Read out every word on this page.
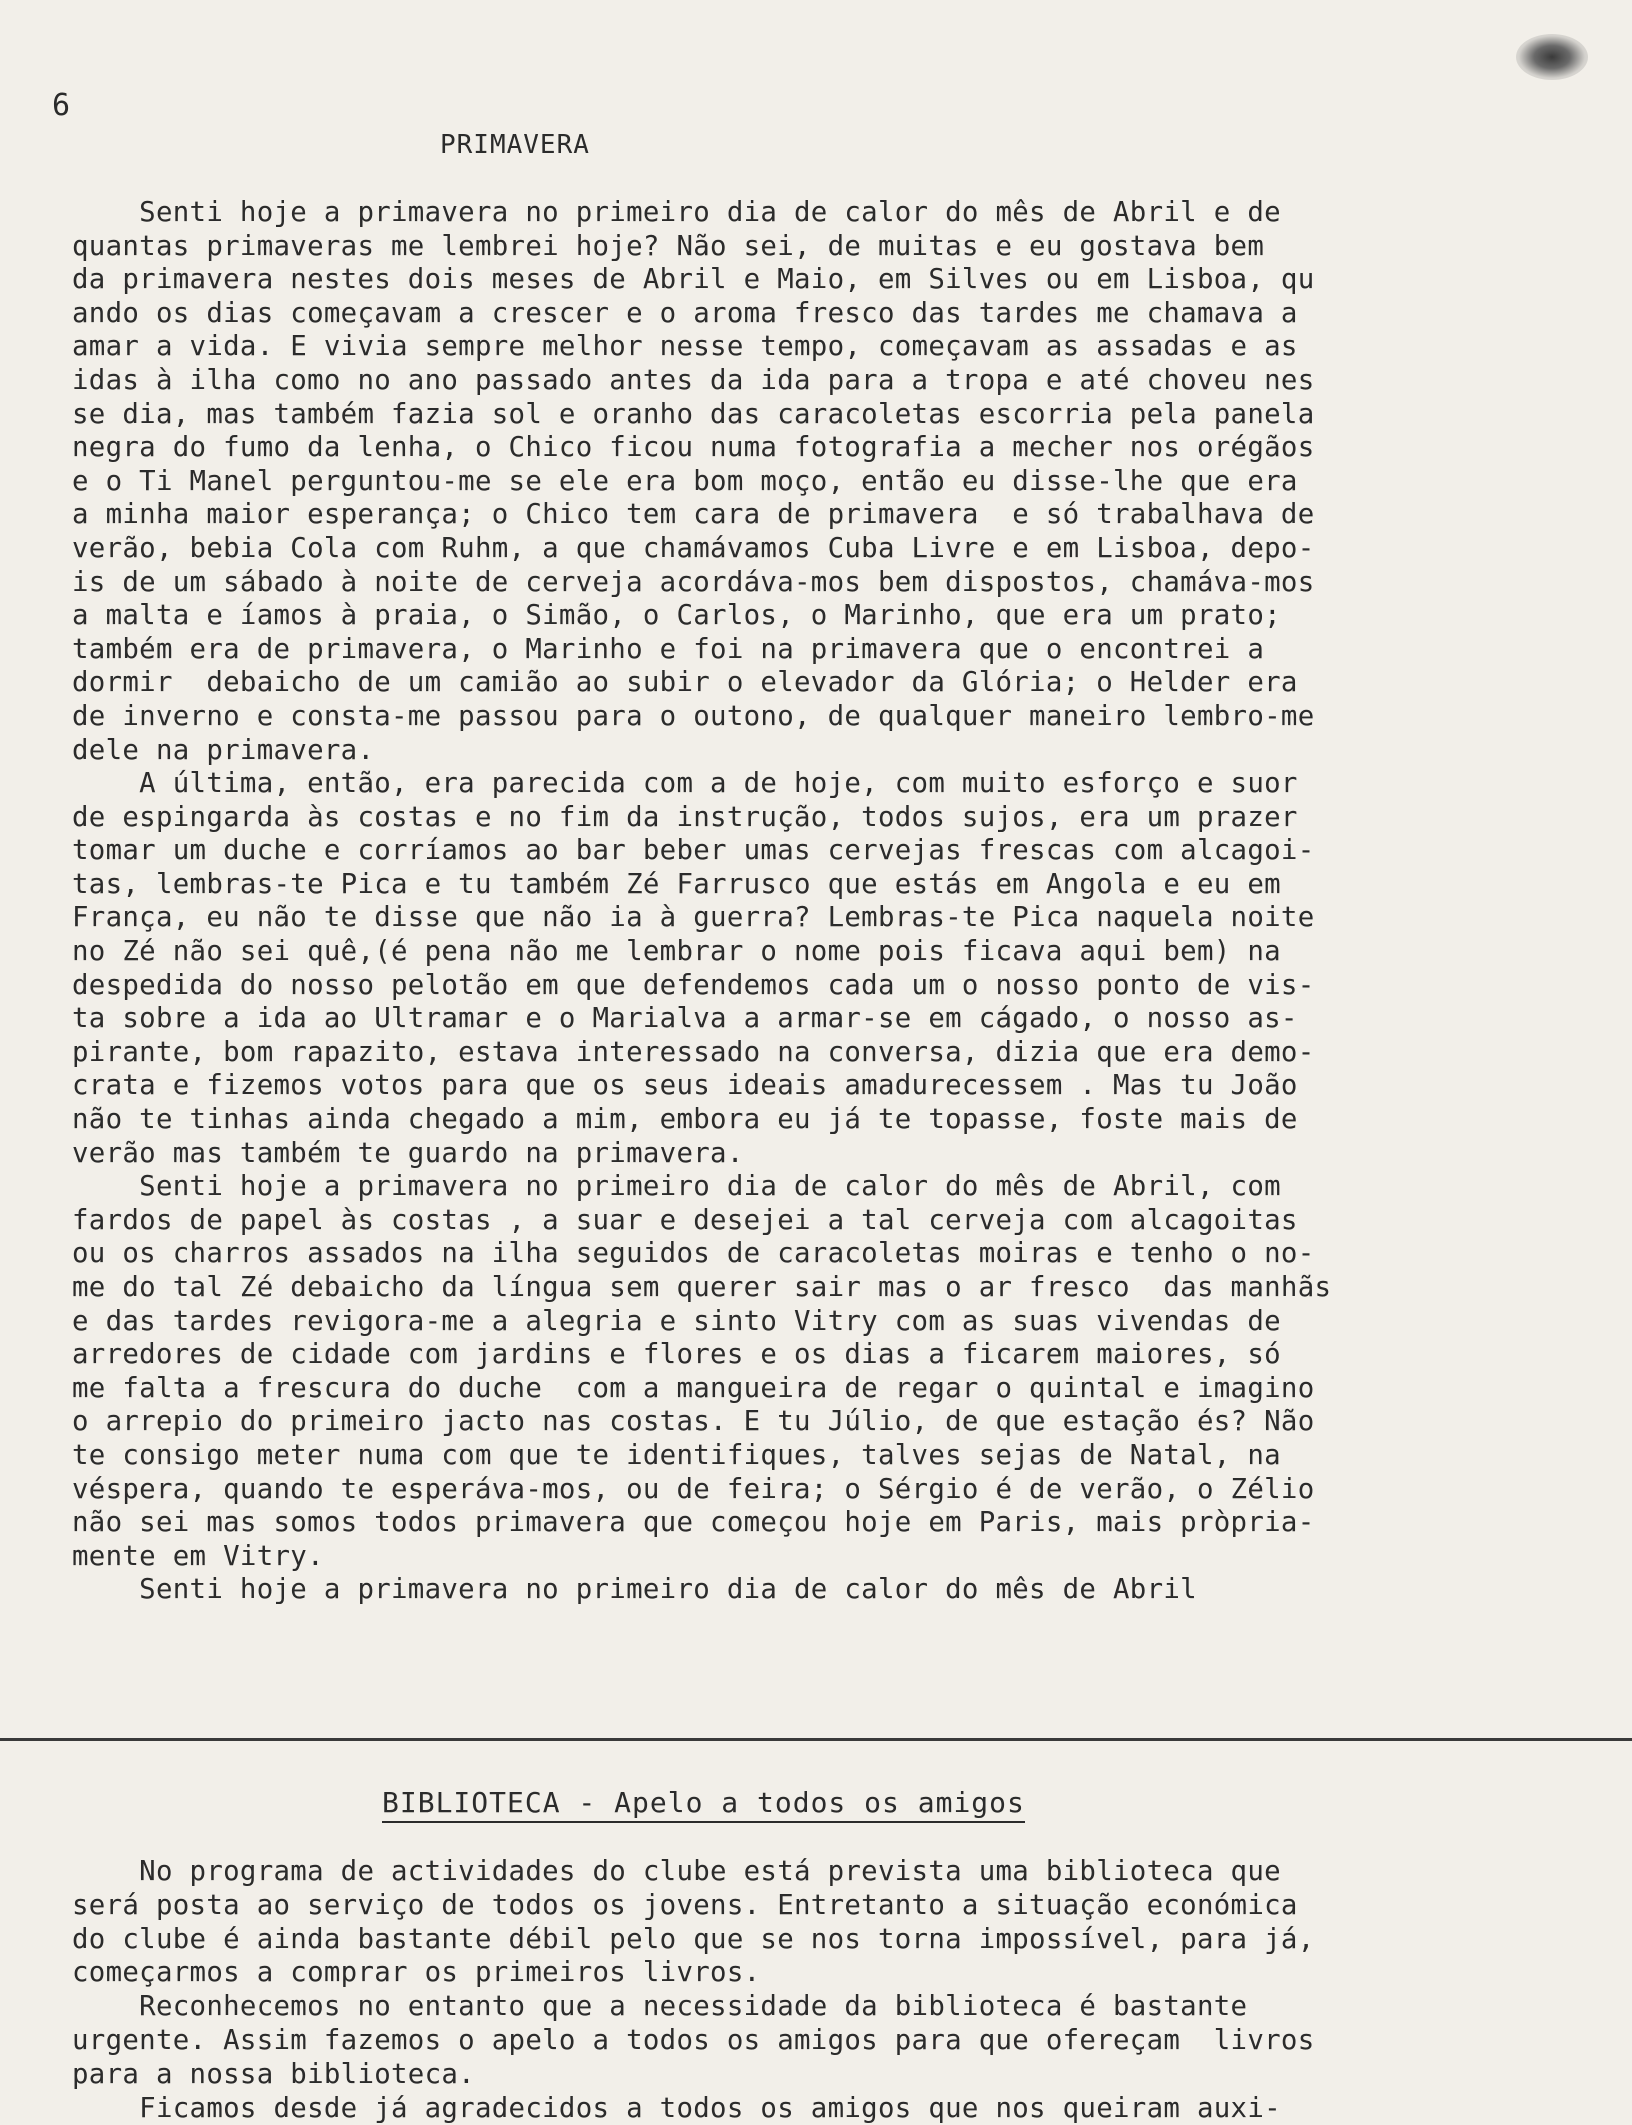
6
PRIMAVERA
Senti hoje a primavera no primeiro dia de calor do mês de Abril e de
quantas primaveras me lembrei hoje? Não sei, de muitas e eu gostava bem
da primavera nestes dois meses de Abril e Maio, em Silves ou em Lisboa, qu
ando os dias começavam a crescer e o aroma fresco das tardes me chamava a
amar a vida. E vivia sempre melhor nesse tempo, começavam as assadas e as
idas à ilha como no ano passado antes da ida para a tropa e até choveu nes
se dia, mas também fazia sol e oranho das caracoletas escorria pela panela
negra do fumo da lenha, o Chico ficou numa fotografia a mecher nos orégãos
e o Ti Manel perguntou-me se ele era bom moço, então eu disse-lhe que era
a minha maior esperança; o Chico tem cara de primavera  e só trabalhava de
verão, bebia Cola com Ruhm, a que chamávamos Cuba Livre e em Lisboa, depo-
is de um sábado à noite de cerveja acordáva-mos bem dispostos, chamáva-mos
a malta e íamos à praia, o Simão, o Carlos, o Marinho, que era um prato;
também era de primavera, o Marinho e foi na primavera que o encontrei a
dormir  debaicho de um camião ao subir o elevador da Glória; o Helder era
de inverno e consta-me passou para o outono, de qualquer maneiro lembro-me
dele na primavera.
A última, então, era parecida com a de hoje, com muito esforço e suor
de espingarda às costas e no fim da instrução, todos sujos, era um prazer
tomar um duche e corríamos ao bar beber umas cervejas frescas com alcagoi-
tas, lembras-te Pica e tu também Zé Farrusco que estás em Angola e eu em
França, eu não te disse que não ia à guerra? Lembras-te Pica naquela noite
no Zé não sei quê,(é pena não me lembrar o nome pois ficava aqui bem) na
despedida do nosso pelotão em que defendemos cada um o nosso ponto de vis-
ta sobre a ida ao Ultramar e o Marialva a armar-se em cágado, o nosso as-
pirante, bom rapazito, estava interessado na conversa, dizia que era demo-
crata e fizemos votos para que os seus ideais amadurecessem . Mas tu João
não te tinhas ainda chegado a mim, embora eu já te topasse, foste mais de
verão mas também te guardo na primavera.
Senti hoje a primavera no primeiro dia de calor do mês de Abril, com
fardos de papel às costas , a suar e desejei a tal cerveja com alcagoitas
ou os charros assados na ilha seguidos de caracoletas moiras e tenho o no-
me do tal Zé debaicho da língua sem querer sair mas o ar fresco  das manhãs
e das tardes revigora-me a alegria e sinto Vitry com as suas vivendas de
arredores de cidade com jardins e flores e os dias a ficarem maiores, só
me falta a frescura do duche  com a mangueira de regar o quintal e imagino
o arrepio do primeiro jacto nas costas. E tu Júlio, de que estação és? Não
te consigo meter numa com que te identifiques, talves sejas de Natal, na
véspera, quando te esperáva-mos, ou de feira; o Sérgio é de verão, o Zélio
não sei mas somos todos primavera que começou hoje em Paris, mais pròpria-
mente em Vitry.
Senti hoje a primavera no primeiro dia de calor do mês de Abril
BIBLIOTECA - Apelo a todos os amigos
No programa de actividades do clube está prevista uma biblioteca que
será posta ao serviço de todos os jovens. Entretanto a situação económica
do clube é ainda bastante débil pelo que se nos torna impossível, para já,
começarmos a comprar os primeiros livros.
Reconhecemos no entanto que a necessidade da biblioteca é bastante
urgente. Assim fazemos o apelo a todos os amigos para que ofereçam  livros
para a nossa biblioteca.
Ficamos desde já agradecidos a todos os amigos que nos queiram auxi-
